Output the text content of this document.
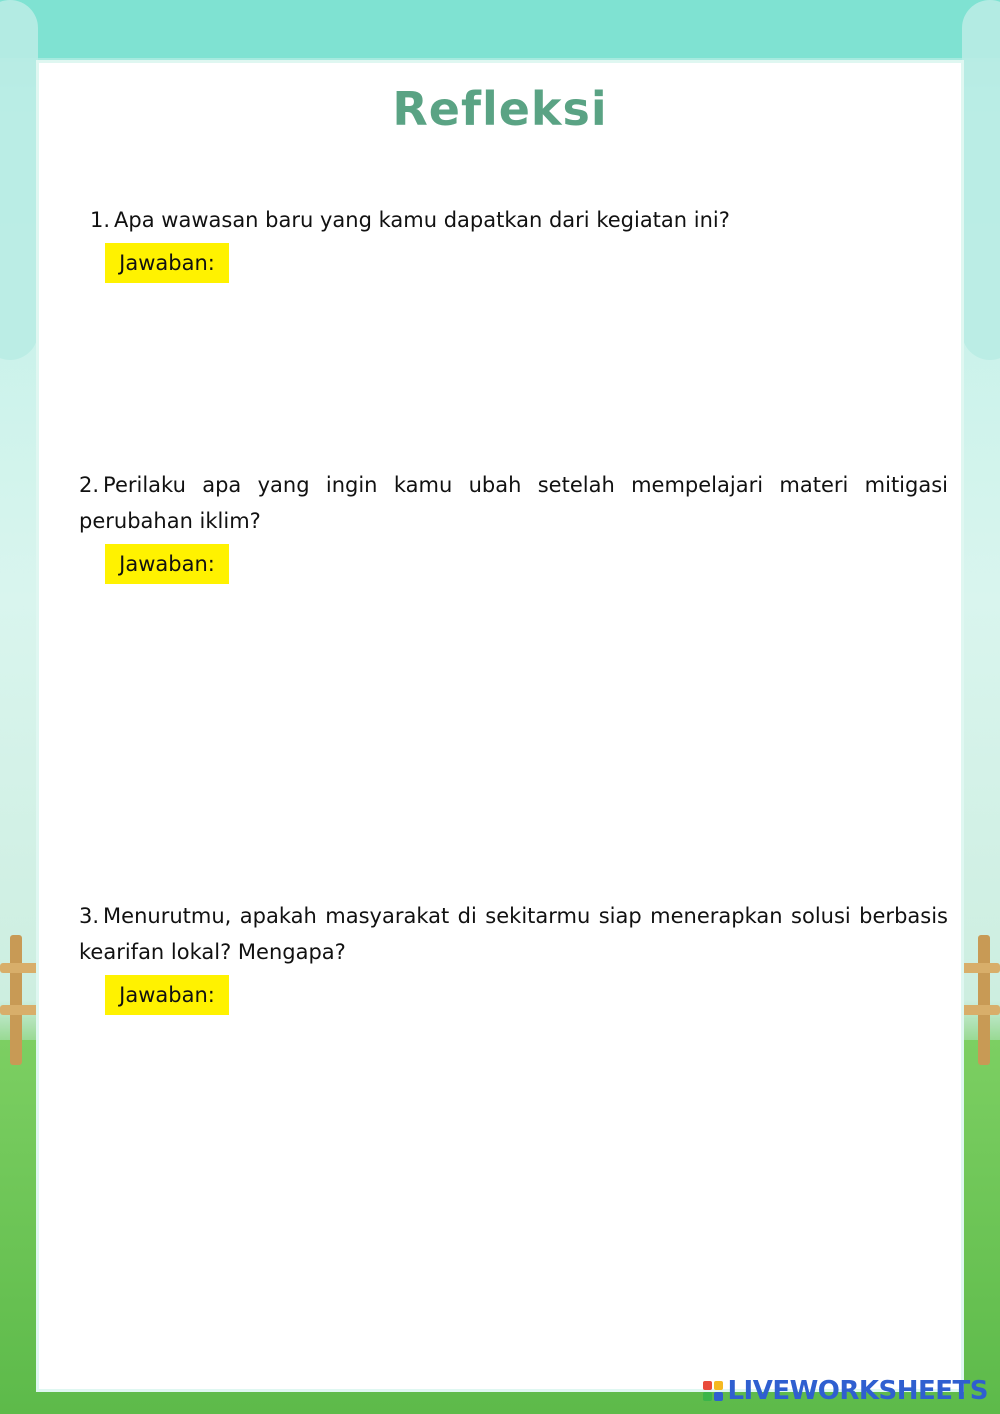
Refleksi
1. Apa wawasan baru yang kamu dapatkan dari kegiatan ini?
Jawaban:
2. Perilaku apa yang ingin kamu ubah setelah mempelajari materi mitigasi perubahan iklim?
Jawaban:
3. Menurutmu, apakah masyarakat di sekitarmu siap menerapkan solusi berbasis kearifan lokal? Mengapa?
Jawaban:
LIVEWORKSHEETS
